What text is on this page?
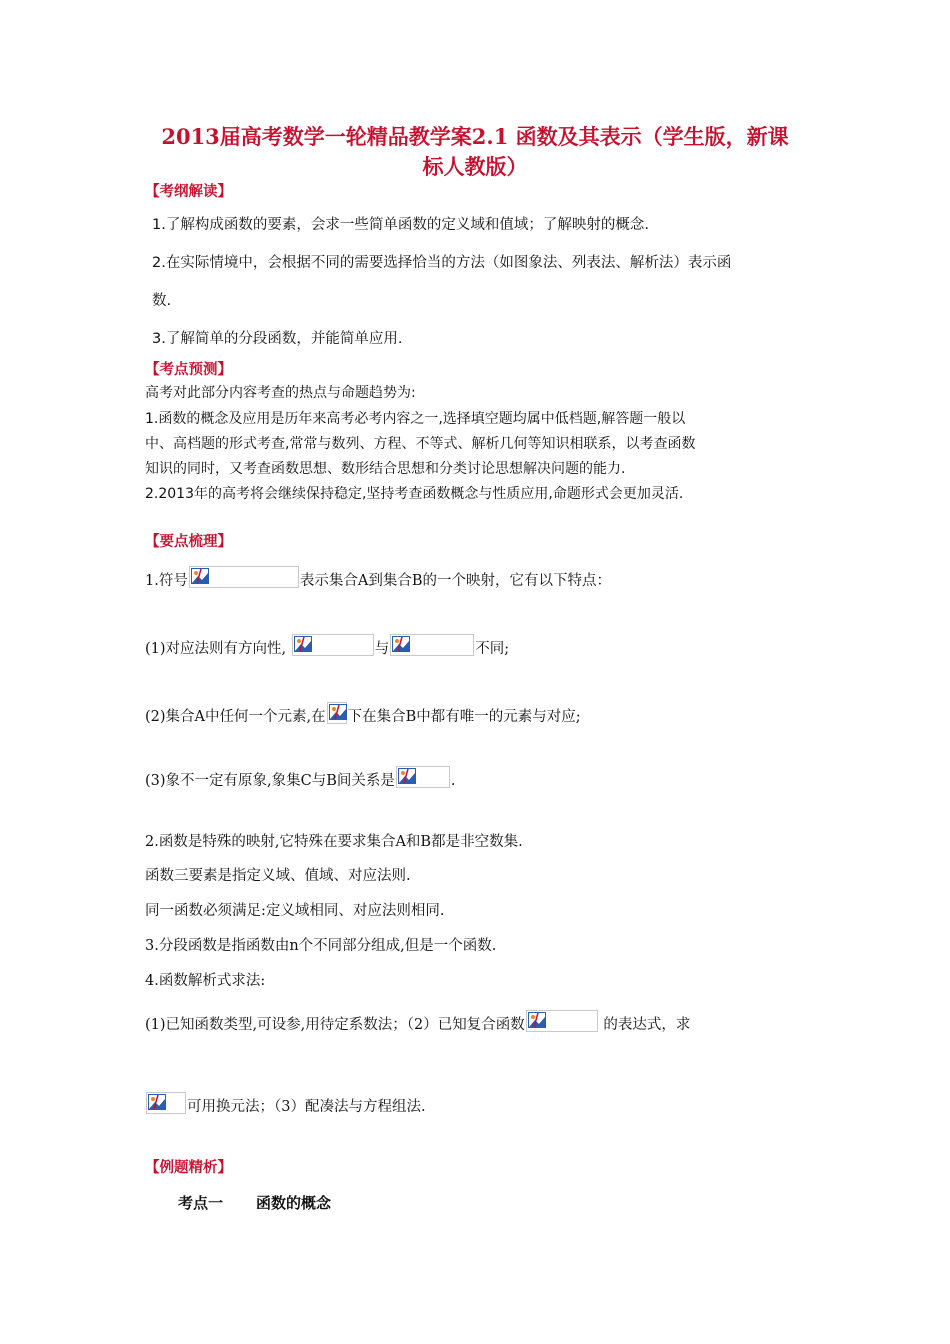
2013届高考数学一轮精品教学案2.1 函数及其表示（学生版，新课
标人教版）
【考纲解读】
1.了解构成函数的要素，会求一些简单函数的定义域和值域；了解映射的概念.
2.在实际情境中，会根据不同的需要选择恰当的方法（如图象法、列表法、解析法）表示函
数.
3.了解简单的分段函数，并能简单应用.
【考点预测】
高考对此部分内容考查的热点与命题趋势为:
1.函数的概念及应用是历年来高考必考内容之一,选择填空题均属中低档题,解答题一般以
中、高档题的形式考查,常常与数列、方程、不等式、解析几何等知识相联系，以考查函数
知识的同时，又考查函数思想、数形结合思想和分类讨论思想解决问题的能力.
2.2013年的高考将会继续保持稳定,坚持考查函数概念与性质应用,命题形式会更加灵活.
【要点梳理】
1.符号	表示集合A到集合B的一个映射，它有以下特点：
(1)对应法则有方向性,	与	不同;
(2)集合A中任何一个元素,在 下在集合B中都有唯一的元素与对应;
(3)象不一定有原象,象集C与B间关系是	.
2.函数是特殊的映射,它特殊在要求集合A和B都是非空数集.
函数三要素是指定义域、值域、对应法则.
同一函数必须满足:定义域相同、对应法则相同.
3.分段函数是指函数由n个不同部分组成,但是一个函数.
4.函数解析式求法:
(1)已知函数类型,可设参,用待定系数法；（2）已知复合函数	的表达式，求
可用换元法；（3）配凑法与方程组法.
【例题精析】
考点一 函数的概念
